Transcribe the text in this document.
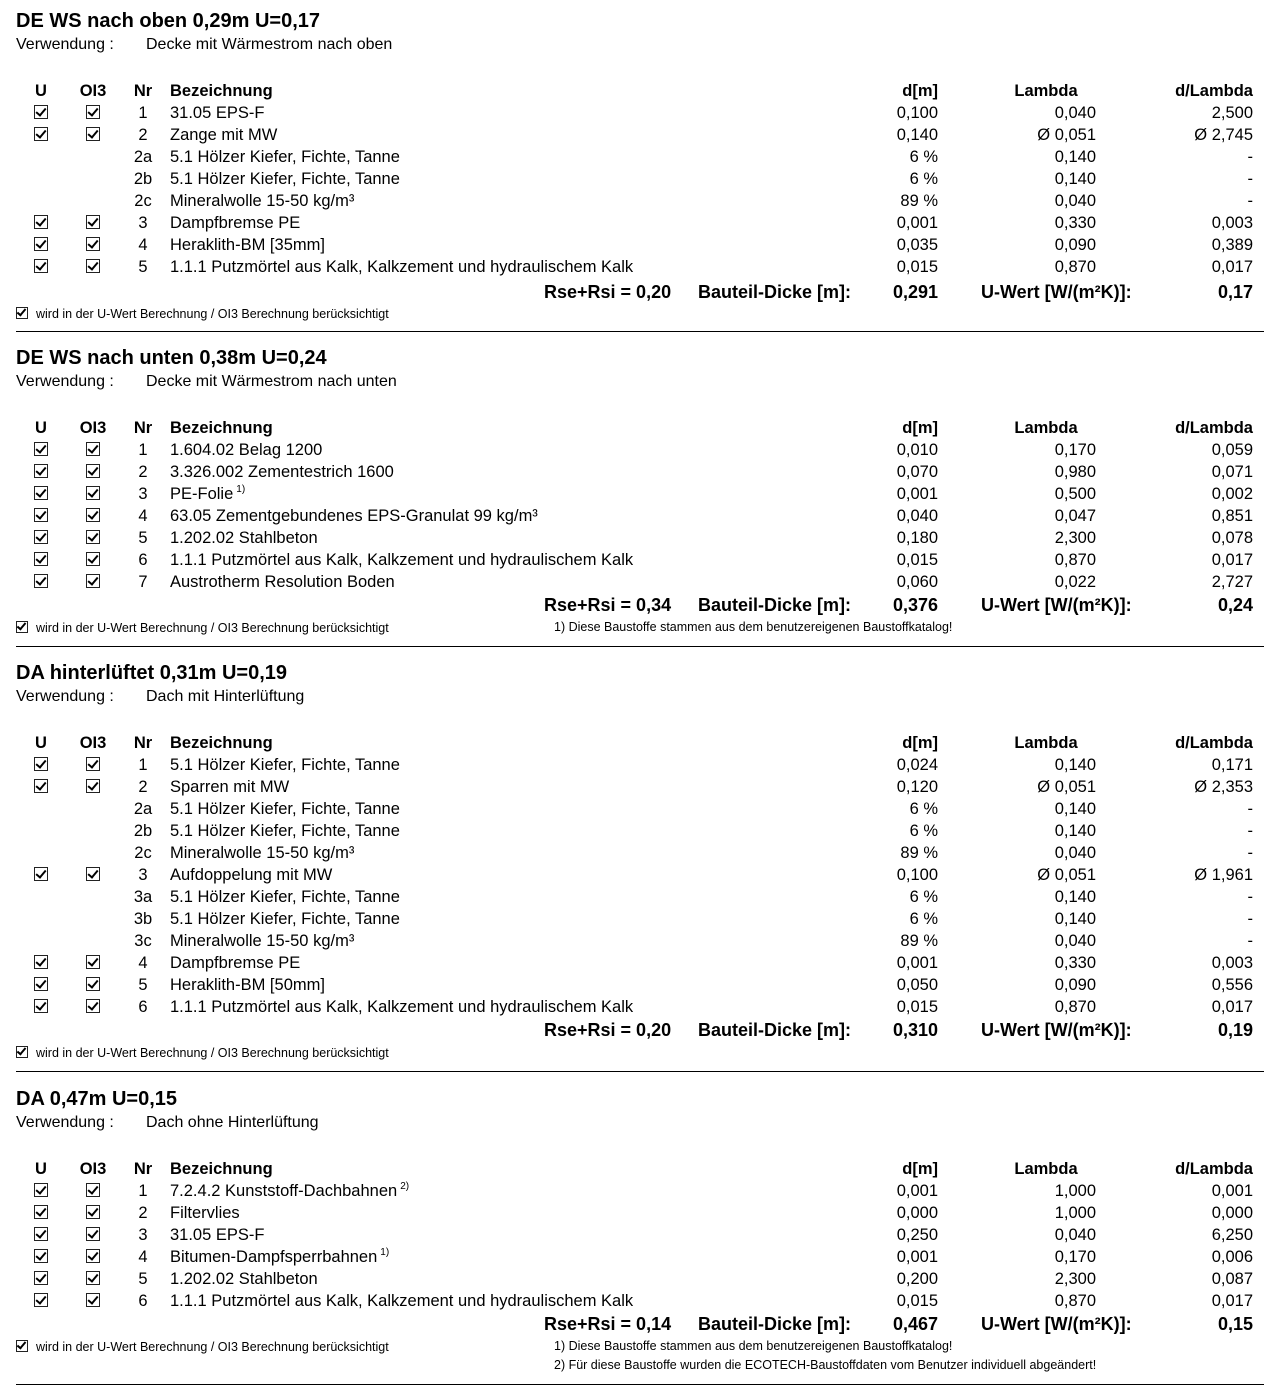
DE WS nach oben 0,29m U=0,17
Verwendung : Decke mit Wärmestrom nach oben
U	OI3	Nr	Bezeichnung	d[m]	Lambda	d/Lambda
1	31.05 EPS-F	0,100	0,040	2,500
2	Zange mit MW	0,140	Ø 0,051	Ø 2,745
2a	5.1 Hölzer Kiefer, Fichte, Tanne	6 %	0,140	-
2b	5.1 Hölzer Kiefer, Fichte, Tanne	6 %	0,140	-
2c	Mineralwolle 15-50 kg/m³	89 %	0,040	-
3	Dampfbremse PE	0,001	0,330	0,003
4	Heraklith-BM [35mm]	0,035	0,090	0,389
5	1.1.1 Putzmörtel aus Kalk, Kalkzement und hydraulischem Kalk	0,015	0,870	0,017
Rse+Rsi = 0,20 Bauteil-Dicke [m]:	0,291 U-Wert [W/(m²K)]:	0,17
wird in der U-Wert Berechnung / OI3 Berechnung berücksichtigt
DE WS nach unten 0,38m U=0,24
Verwendung : Decke mit Wärmestrom nach unten
U	OI3	Nr	Bezeichnung	d[m]	Lambda	d/Lambda
1	1.604.02 Belag 1200	0,010	0,170	0,059
2	3.326.002 Zementestrich 1600	0,070	0,980	0,071
3	PE-Folie $^{1)}$	0,001	0,500	0,002
4	63.05 Zementgebundenes EPS-Granulat 99 kg/m³	0,040	0,047	0,851
5	1.202.02 Stahlbeton	0,180	2,300	0,078
6	1.1.1 Putzmörtel aus Kalk, Kalkzement und hydraulischem Kalk	0,015	0,870	0,017
7	Austrotherm Resolution Boden	0,060	0,022	2,727
Rse+Rsi = 0,34 Bauteil-Dicke [m]:	0,376 U-Wert [W/(m²K)]:	0,24
wird in der U-Wert Berechnung / OI3 Berechnung berücksichtigt	1) Diese Baustoffe stammen aus dem benutzereigenen Baustoffkatalog!
DA hinterlüftet 0,31m U=0,19
Verwendung : Dach mit Hinterlüftung
U	OI3	Nr	Bezeichnung	d[m]	Lambda	d/Lambda
1	5.1 Hölzer Kiefer, Fichte, Tanne	0,024	0,140	0,171
2	Sparren mit MW	0,120	Ø 0,051	Ø 2,353
2a	5.1 Hölzer Kiefer, Fichte, Tanne	6 %	0,140	-
2b	5.1 Hölzer Kiefer, Fichte, Tanne	6 %	0,140	-
2c	Mineralwolle 15-50 kg/m³	89 %	0,040	-
3	Aufdoppelung mit MW	0,100	Ø 0,051	Ø 1,961
3a	5.1 Hölzer Kiefer, Fichte, Tanne	6 %	0,140	-
3b	5.1 Hölzer Kiefer, Fichte, Tanne	6 %	0,140	-
3c	Mineralwolle 15-50 kg/m³	89 %	0,040	-
4	Dampfbremse PE	0,001	0,330	0,003
5	Heraklith-BM [50mm]	0,050	0,090	0,556
6	1.1.1 Putzmörtel aus Kalk, Kalkzement und hydraulischem Kalk	0,015	0,870	0,017
Rse+Rsi = 0,20 Bauteil-Dicke [m]:	0,310 U-Wert [W/(m²K)]:	0,19
wird in der U-Wert Berechnung / OI3 Berechnung berücksichtigt
DA 0,47m U=0,15
Verwendung : Dach ohne Hinterlüftung
U	OI3	Nr	Bezeichnung	d[m]	Lambda	d/Lambda
1	7.2.4.2 Kunststoff-Dachbahnen $^{2)}$	0,001	1,000	0,001
2	Filtervlies	0,000	1,000	0,000
3	31.05 EPS-F	0,250	0,040	6,250
4	Bitumen-Dampfsperrbahnen $^{1)}$	0,001	0,170	0,006
5	1.202.02 Stahlbeton	0,200	2,300	0,087
6	1.1.1 Putzmörtel aus Kalk, Kalkzement und hydraulischem Kalk	0,015	0,870	0,017
Rse+Rsi = 0,14 Bauteil-Dicke [m]:	0,467 U-Wert [W/(m²K)]:	0,15
wird in der U-Wert Berechnung / OI3 Berechnung berücksichtigt	1) Diese Baustoffe stammen aus dem benutzereigenen Baustoffkatalog!
2) Für diese Baustoffe wurden die ECOTECH-Baustoffdaten vom Benutzer individuell abgeändert!
